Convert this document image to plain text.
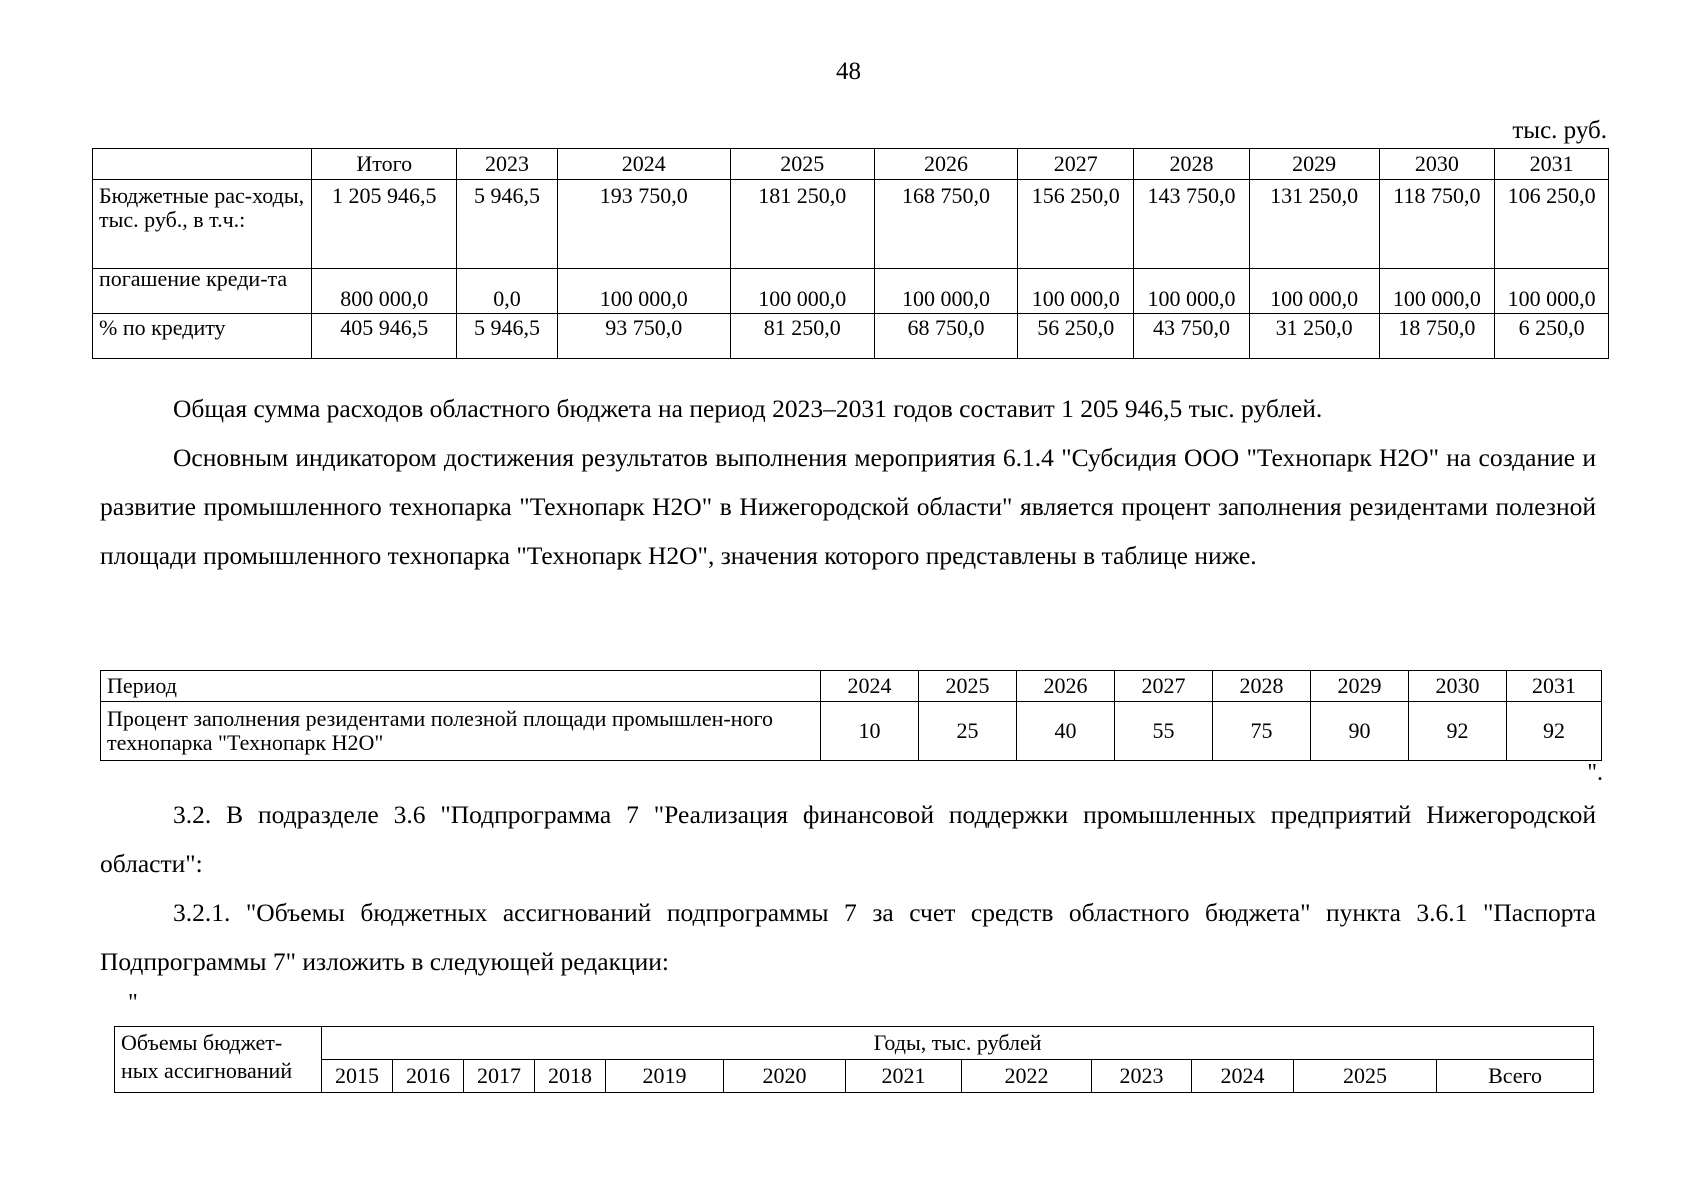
48
тыс. руб.
	Итого	2023	2024	2025	2026	2027	2028	2029	2030	2031
Бюджетные рас-ходы, тыс. руб., в т.ч.:	1 205 946,5	5 946,5	193 750,0	181 250,0	168 750,0	156 250,0	143 750,0	131 250,0	118 750,0	106 250,0
погашение креди-та	800 000,0	0,0	100 000,0	100 000,0	100 000,0	100 000,0	100 000,0	100 000,0	100 000,0	100 000,0
% по кредиту	405 946,5	5 946,5	93 750,0	81 250,0	68 750,0	56 250,0	43 750,0	31 250,0	18 750,0	6 250,0

Общая сумма расходов областного бюджета на период 2023–2031 годов составит 1 205 946,5 тыс. рублей.

Основным индикатором достижения результатов выполнения мероприятия 6.1.4 "Субсидия ООО "Технопарк Н2О" на создание и развитие промышленного технопарка "Технопарк Н2О" в Нижегородской области" является процент заполнения резидентами полезной площади промышленного технопарка "Технопарк Н2О", значения которого представлены в таблице ниже.

Период	2024	2025	2026	2027	2028	2029	2030	2031
Процент заполнения резидентами полезной площади промышлен-ного технопарка "Технопарк Н2О"	10	25	40	55	75	90	92	92
".

3.2. В подразделе 3.6 "Подпрограмма 7 "Реализация финансовой поддержки промышленных предприятий Нижегородской области":

3.2.1. "Объемы бюджетных ассигнований подпрограммы 7 за счет средств областного бюджета" пункта 3.6.1 "Паспорта Подпрограммы 7" изложить в следующей редакции:

"
Объемы бюджет-ных ассигнований	Годы, тыс. рублей											
	2015	2016	2017	2018	2019	2020	2021	2022	2023	2024	2025	Всего
